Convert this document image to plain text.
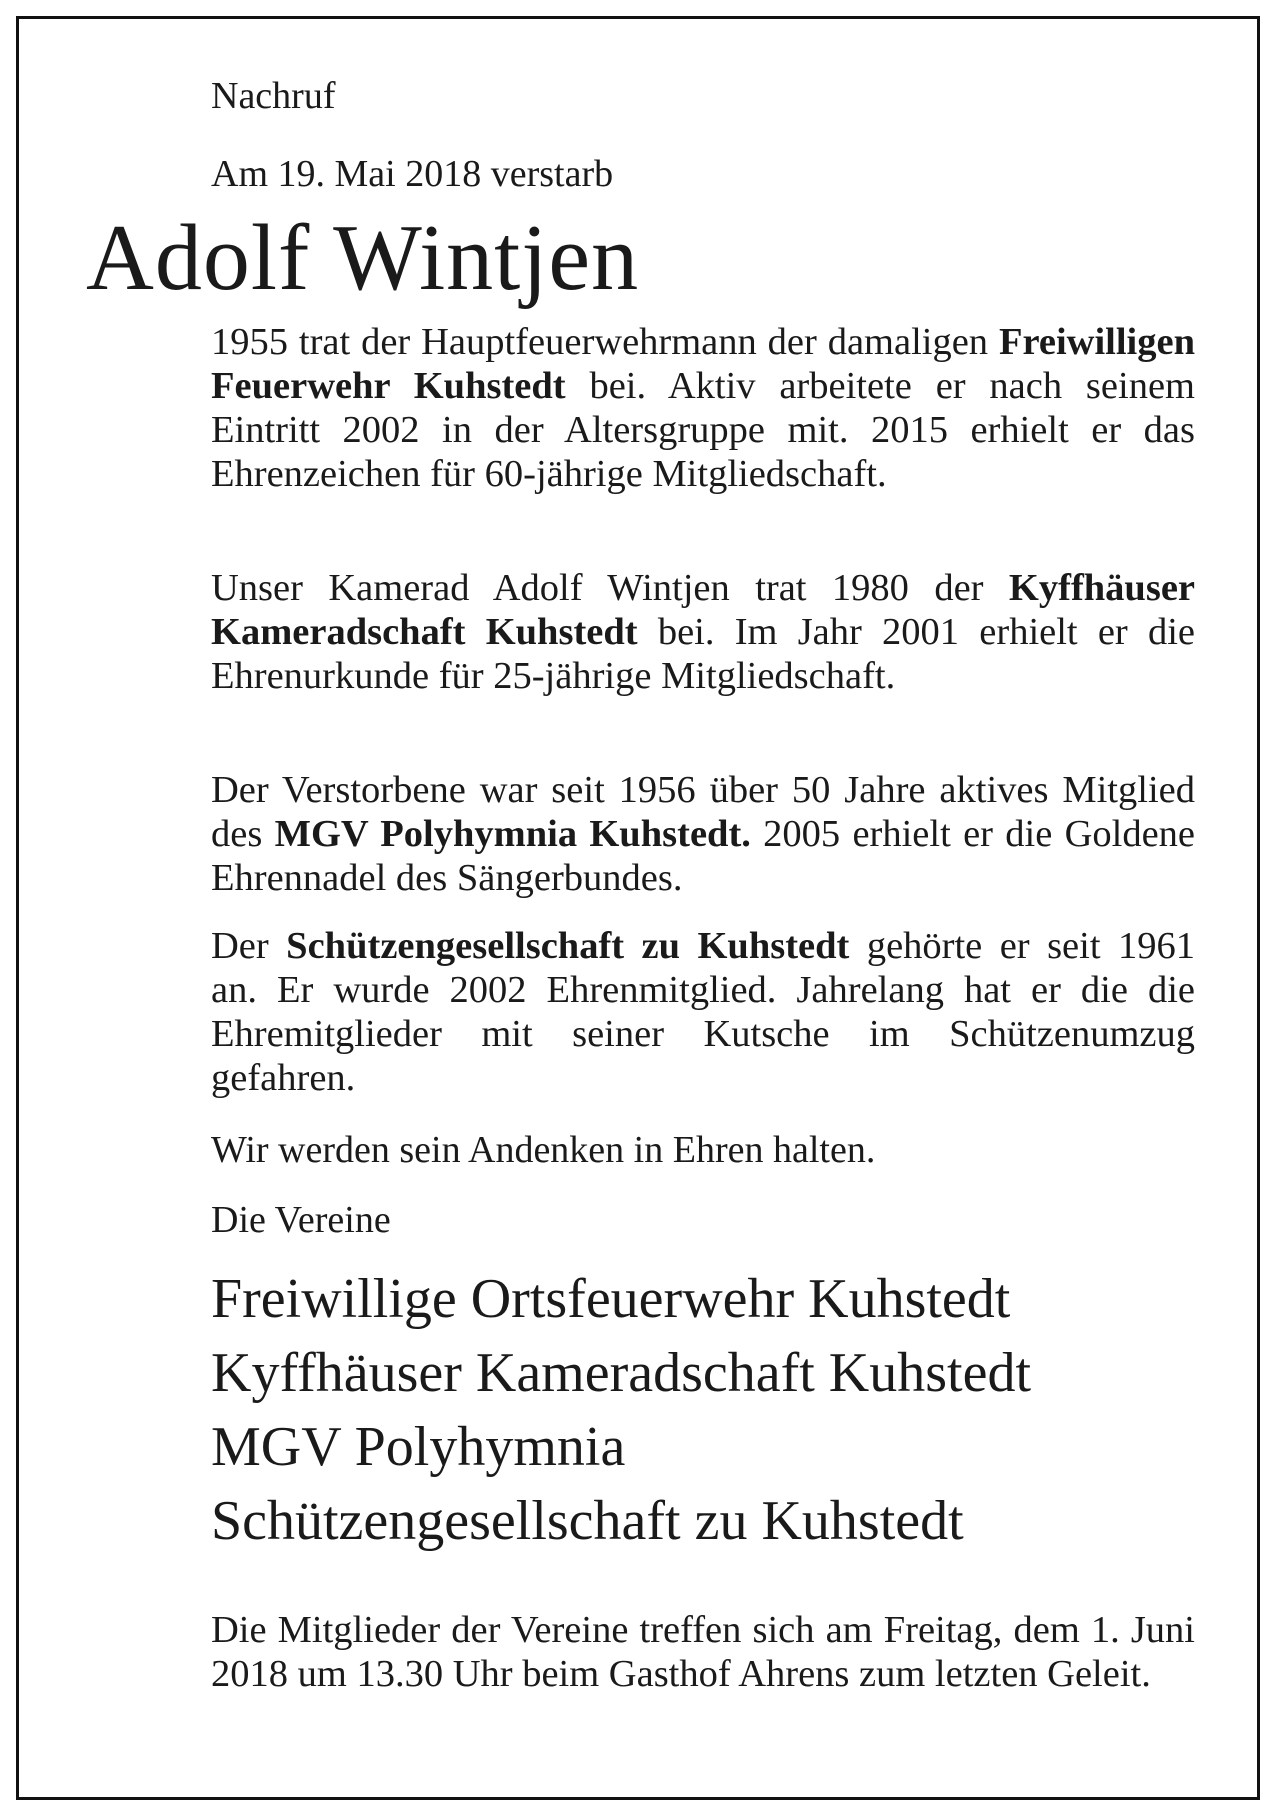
Nachruf
Am 19. Mai 2018 verstarb
Adolf Wintjen
1955 trat der Hauptfeuerwehrmann der damaligen Freiwilligen Feuerwehr Kuhstedt bei. Aktiv arbeitete er nach seinem Eintritt 2002 in der Altersgruppe mit. 2015 erhielt er das Ehrenzeichen für 60-jährige Mitgliedschaft.
Unser Kamerad Adolf Wintjen trat 1980 der Kyffhäuser Kameradschaft Kuhstedt bei. Im Jahr 2001 erhielt er die Ehrenurkunde für 25-jährige Mitgliedschaft.
Der Verstorbene war seit 1956 über 50 Jahre aktives Mitglied des MGV Polyhymnia Kuhstedt. 2005 erhielt er die Goldene Ehrennadel des Sängerbundes.
Der Schützengesellschaft zu Kuhstedt gehörte er seit 1961 an. Er wurde 2002 Ehrenmitglied. Jahrelang hat er die die Ehremitglieder mit seiner Kutsche im Schützenumzug gefahren.
Wir werden sein Andenken in Ehren halten.
Die Vereine
Freiwillige Ortsfeuerwehr Kuhstedt
Kyffhäuser Kameradschaft Kuhstedt
MGV Polyhymnia
Schützengesellschaft zu Kuhstedt
Die Mitglieder der Vereine treffen sich am Freitag, dem 1. Juni 2018 um 13.30 Uhr beim Gasthof Ahrens zum letzten Geleit.
